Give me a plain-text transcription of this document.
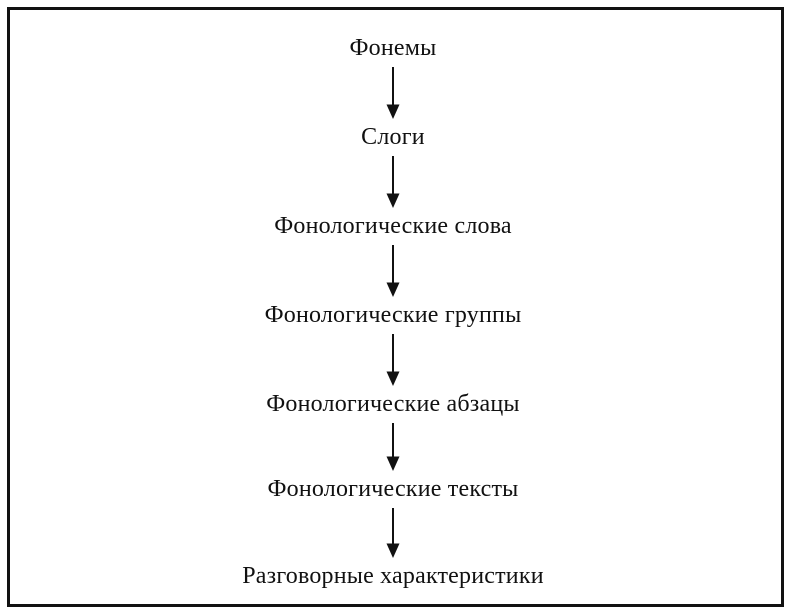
Фонемы
Слоги
Фонологические слова
Фонологические группы
Фонологические абзацы
Фонологические тексты
Разговорные характеристики
